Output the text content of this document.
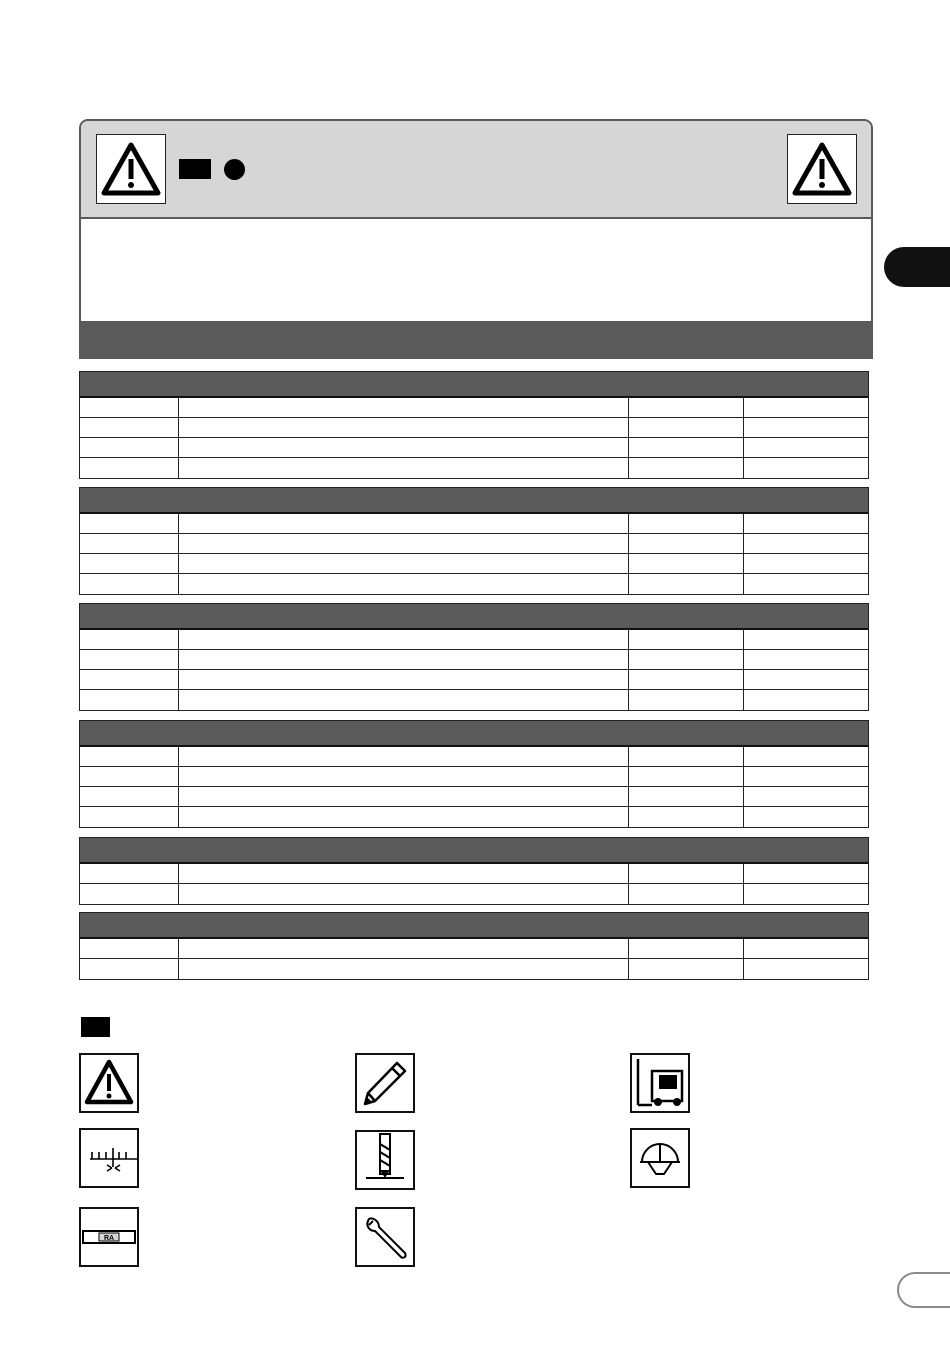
RA
